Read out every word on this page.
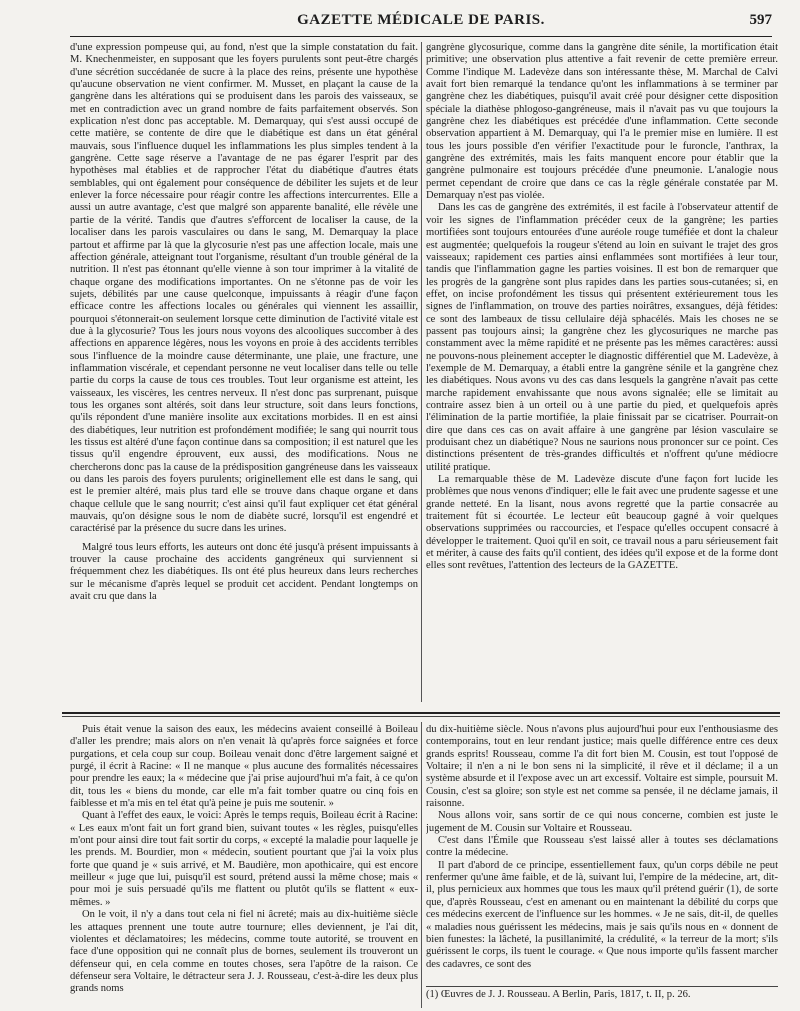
GAZETTE MÉDICALE DE PARIS.	597

d'une expression pompeuse qui, au fond, n'est que la simple constatation du fait. M. Knechenmeister, en supposant que les foyers purulents sont peut-être chargés d'une sécrétion succédanée de sucre à la place des reins, présente une hypothèse qu'aucune observation ne vient confirmer. M. Musset, en plaçant la cause de la gangrène dans les altérations qui se produisent dans les parois des vaisseaux, se met en contradiction avec un grand nombre de faits parfaitement observés. Son explication n'est donc pas acceptable. M. Demarquay, qui s'est aussi occupé de cette matière, se contente de dire que le diabétique est dans un état général mauvais, sous l'influence duquel les inflammations les plus simples tendent à la gangrène. Cette sage réserve a l'avantage de ne pas égarer l'esprit par des hypothèses mal établies et de rapprocher l'état du diabétique d'autres états semblables, qui ont également pour conséquence de débiliter les sujets et de leur enlever la force nécessaire pour réagir contre les affections intercurrentes. Elle a aussi un autre avantage, c'est que malgré son apparente banalité, elle révèle une partie de la vérité. Tandis que d'autres s'efforcent de localiser la cause, de la localiser dans les parois vasculaires ou dans le sang, M. Demarquay la place partout et affirme par là que la glycosurie n'est pas une affection locale, mais une affection générale, atteignant tout l'organisme, résultant d'un trouble général de la nutrition. Il n'est pas étonnant qu'elle vienne à son tour imprimer à la vitalité de chaque organe des modifications importantes. On ne s'étonne pas de voir les sujets, débilités par une cause quelconque, impuissants à réagir d'une façon efficace contre les affections locales ou générales qui viennent les assaillir, pourquoi s'étonnerait-on seulement lorsque cette diminution de l'activité vitale est due à la glycosurie? Tous les jours nous voyons des alcooliques succomber à des affections en apparence légères, nous les voyons en proie à des accidents terribles sous l'influence de la moindre cause déterminante, une plaie, une fracture, une inflammation viscérale, et cependant personne ne veut localiser dans telle ou telle partie du corps la cause de tous ces troubles. Tout leur organisme est atteint, les vaisseaux, les viscères, les centres nerveux. Il n'est donc pas surprenant, puisque tous les organes sont altérés, soit dans leur structure, soit dans leurs fonctions, qu'ils répondent d'une manière insolite aux excitations morbides. Il en est ainsi des diabétiques, leur nutrition est profondément modifiée; le sang qui nourrit tous les tissus est altéré d'une façon continue dans sa composition; il est naturel que les tissus qu'il engendre éprouvent, eux aussi, des modifications. Nous ne chercherons donc pas la cause de la prédisposition gangréneuse dans les vaisseaux ou dans les parois des foyers purulents; originellement elle est dans le sang, qui est le premier altéré, mais plus tard elle se trouve dans chaque organe et dans chaque cellule que le sang nourrit; c'est ainsi qu'il faut expliquer cet état général mauvais, qu'on désigne sous le nom de diabète sucré, lorsqu'il est engendré et caractérisé par la présence du sucre dans les urines.

Malgré tous leurs efforts, les auteurs ont donc été jusqu'à présent impuissants à trouver la cause prochaine des accidents gangréneux qui surviennent si fréquemment chez les diabétiques. Ils ont été plus heureux dans leurs recherches sur le mécanisme d'après lequel se produit cet accident. Pendant longtemps on avait cru que dans la

gangrène glycosurique, comme dans la gangrène dite sénile, la mortification était primitive; une observation plus attentive a fait revenir de cette première erreur. Comme l'indique M. Ladevèze dans son intéressante thèse, M. Marchal de Calvi avait fort bien remarqué la tendance qu'ont les inflammations à se terminer par gangrène chez les diabétiques, puisqu'il avait créé pour désigner cette disposition spéciale la diathèse phlogoso-gangréneuse, mais il n'avait pas vu que toujours la gangrène chez les diabétiques est précédée d'une inflammation. Cette seconde observation appartient à M. Demarquay, qui l'a le premier mise en lumière. Il est tous les jours possible d'en vérifier l'exactitude pour le furoncle, l'anthrax, la gangrène des extrémités, mais les faits manquent encore pour établir que la gangrène pulmonaire est toujours précédée d'une pneumonie. L'analogie nous permet cependant de croire que dans ce cas la règle générale constatée par M. Demarquay n'est pas violée.

Dans les cas de gangrène des extrémités, il est facile à l'observateur attentif de voir les signes de l'inflammation précéder ceux de la gangrène; les parties mortifiées sont toujours entourées d'une auréole rouge tuméfiée et dont la chaleur est augmentée; quelquefois la rougeur s'étend au loin en suivant le trajet des gros vaisseaux; rapidement ces parties ainsi enflammées sont mortifiées à leur tour, tandis que l'inflammation gagne les parties voisines. Il est bon de remarquer que les progrès de la gangrène sont plus rapides dans les parties sous-cutanées; si, en effet, on incise profondément les tissus qui présentent extérieurement tous les signes de l'inflammation, on trouve des parties noirâtres, exsangues, déjà fétides: ce sont des lambeaux de tissu cellulaire déjà sphacélés. Mais les choses ne se passent pas toujours ainsi; la gangrène chez les glycosuriques ne marche pas constamment avec la même rapidité et ne présente pas les mêmes caractères: aussi ne pouvons-nous pleinement accepter le diagnostic différentiel que M. Ladevèze, à l'exemple de M. Demarquay, a établi entre la gangrène sénile et la gangrène chez les diabétiques. Nous avons vu des cas dans lesquels la gangrène n'avait pas cette marche rapidement envahissante que nous avons signalée; elle se limitait au contraire assez bien à un orteil ou à une partie du pied, et quelquefois après l'élimination de la partie mortifiée, la plaie finissait par se cicatriser. Pourrait-on dire que dans ces cas on avait affaire à une gangrène par lésion vasculaire se produisant chez un diabétique? Nous ne saurions nous prononcer sur ce point. Ces distinctions présentent de très-grandes difficultés et n'offrent qu'une médiocre utilité pratique.

La remarquable thèse de M. Ladevèze discute d'une façon fort lucide les problèmes que nous venons d'indiquer; elle le fait avec une prudente sagesse et une grande netteté. En la lisant, nous avons regretté que la partie consacrée au traitement fût si écourtée. Le lecteur eût beaucoup gagné à voir quelques observations supprimées ou raccourcies, et l'espace qu'elles occupent consacré à développer le traitement. Quoi qu'il en soit, ce travail nous a paru sérieusement fait et mériter, à cause des faits qu'il contient, des idées qu'il expose et de la forme dont elles sont revêtues, l'attention des lecteurs de la GAZETTE.

Puis était venue la saison des eaux, les médecins avaient conseillé à Boileau d'aller les prendre; mais alors on n'en venait là qu'après force saignées et force purgations, et cela coup sur coup. Boileau venait donc d'être largement saigné et purgé, il écrit à Racine: « Il ne manque « plus aucune des formalités nécessaires pour prendre les eaux; la « médecine que j'ai prise aujourd'hui m'a fait, à ce qu'on dit, tous les « biens du monde, car elle m'a fait tomber quatre ou cinq fois en faiblesse et m'a mis en tel état qu'à peine je puis me soutenir. »

Quant à l'effet des eaux, le voici: Après le temps requis, Boileau écrit à Racine: « Les eaux m'ont fait un fort grand bien, suivant toutes « les règles, puisqu'elles m'ont pour ainsi dire tout fait sortir du corps, « excepté la maladie pour laquelle je les prends. M. Bourdier, mon « médecin, soutient pourtant que j'ai la voix plus forte que quand je « suis arrivé, et M. Baudière, mon apothicaire, qui est encore meilleur « juge que lui, puisqu'il est sourd, prétend aussi la même chose; mais « pour moi je suis persuadé qu'ils me flattent ou plutôt qu'ils se flattent « eux-mêmes. »

On le voit, il n'y a dans tout cela ni fiel ni âcreté; mais au dix-huitième siècle les attaques prennent une toute autre tournure; elles deviennent, je l'ai dit, violentes et déclamatoires; les médecins, comme toute autorité, se trouvent en face d'une opposition qui ne connaît plus de bornes, seulement ils trouveront un défenseur qui, en cela comme en toutes choses, sera l'apôtre de la raison. Ce défenseur sera Voltaire, le détracteur sera J. J. Rousseau, c'est-à-dire les deux plus grands noms

du dix-huitième siècle. Nous n'avons plus aujourd'hui pour eux l'enthousiasme des contemporains, tout en leur rendant justice; mais quelle différence entre ces deux grands esprits! Rousseau, comme l'a dit fort bien M. Cousin, est tout l'opposé de Voltaire; il n'en a ni le bon sens ni la simplicité, il rêve et il déclame; il a un système absurde et il l'expose avec un art excessif. Voltaire est simple, poursuit M. Cousin, c'est sa gloire; son style est net comme sa pensée, il ne déclame jamais, il raisonne.

Nous allons voir, sans sortir de ce qui nous concerne, combien est juste le jugement de M. Cousin sur Voltaire et Rousseau.

C'est dans l'Émile que Rousseau s'est laissé aller à toutes ses déclamations contre la médecine.

Il part d'abord de ce principe, essentiellement faux, qu'un corps débile ne peut renfermer qu'une âme faible, et de là, suivant lui, l'empire de la médecine, art, dit-il, plus pernicieux aux hommes que tous les maux qu'il prétend guérir (1), de sorte que, d'après Rousseau, c'est en amenant ou en maintenant la débilité du corps que ces médecins exercent de l'influence sur les hommes. « Je ne sais, dit-il, de quelles « maladies nous guérissent les médecins, mais je sais qu'ils nous en « donnent de bien funestes: la lâcheté, la pusillanimité, la crédulité, « la terreur de la mort; s'ils guérissent le corps, ils tuent le courage. « Que nous importe qu'ils fassent marcher des cadavres, ce sont des

(1) Œuvres de J. J. Rousseau. A Berlin, Paris, 1817, t. II, p. 26.
